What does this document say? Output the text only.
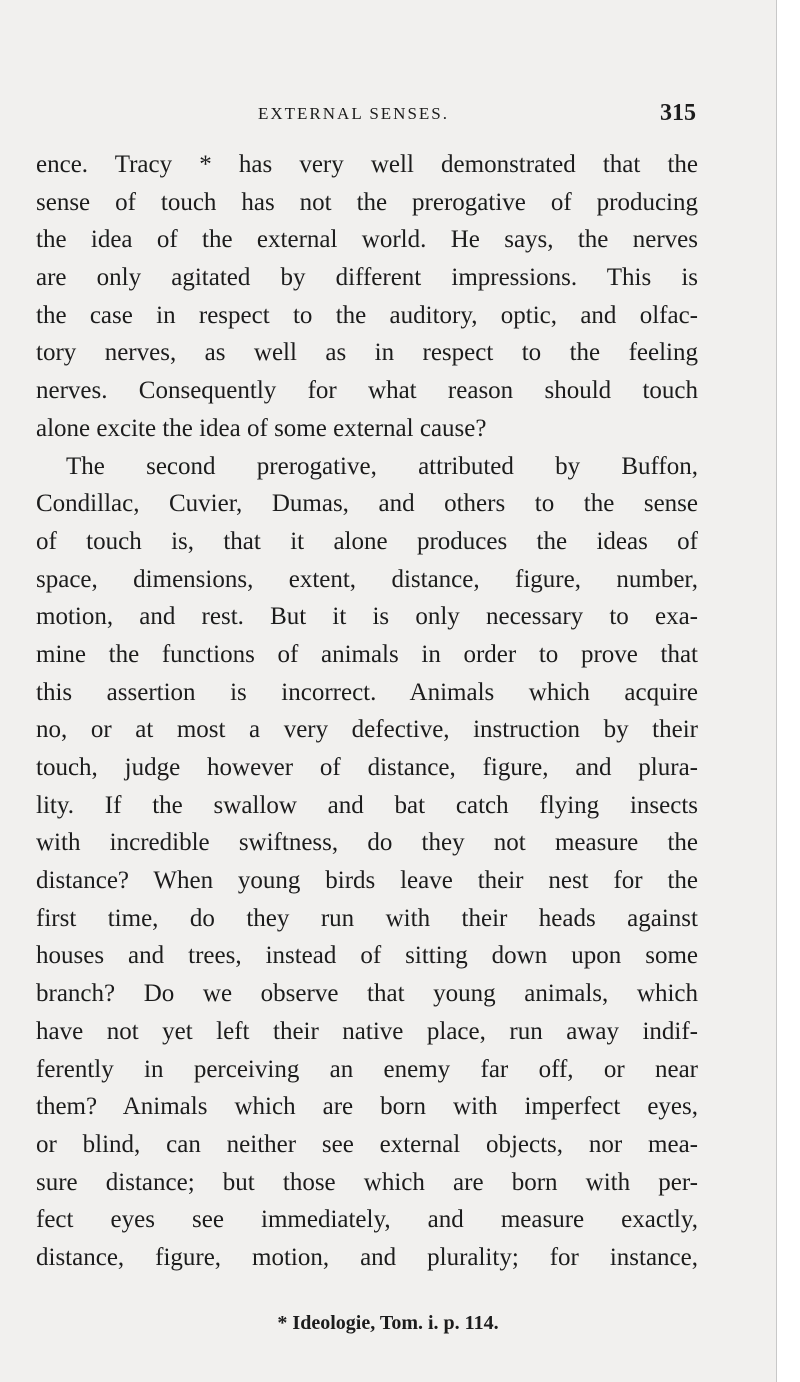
EXTERNAL SENSES.	315
ence. Tracy * has very well demonstrated that the
sense of touch has not the prerogative of producing
the idea of the external world. He says, the nerves
are only agitated by different impressions. This is
the case in respect to the auditory, optic, and olfac-
tory nerves, as well as in respect to the feeling
nerves. Consequently for what reason should touch
alone excite the idea of some external cause?
The second prerogative, attributed by Buffon,
Condillac, Cuvier, Dumas, and others to the sense
of touch is, that it alone produces the ideas of
space, dimensions, extent, distance, figure, number,
motion, and rest. But it is only necessary to exa-
mine the functions of animals in order to prove that
this assertion is incorrect. Animals which acquire
no, or at most a very defective, instruction by their
touch, judge however of distance, figure, and plura-
lity. If the swallow and bat catch flying insects
with incredible swiftness, do they not measure the
distance? When young birds leave their nest for the
first time, do they run with their heads against
houses and trees, instead of sitting down upon some
branch? Do we observe that young animals, which
have not yet left their native place, run away indif-
ferently in perceiving an enemy far off, or near
them? Animals which are born with imperfect eyes,
or blind, can neither see external objects, nor mea-
sure distance; but those which are born with per-
fect eyes see immediately, and measure exactly,
distance, figure, motion, and plurality; for instance,
* Ideologie, Tom. i. p. 114.
